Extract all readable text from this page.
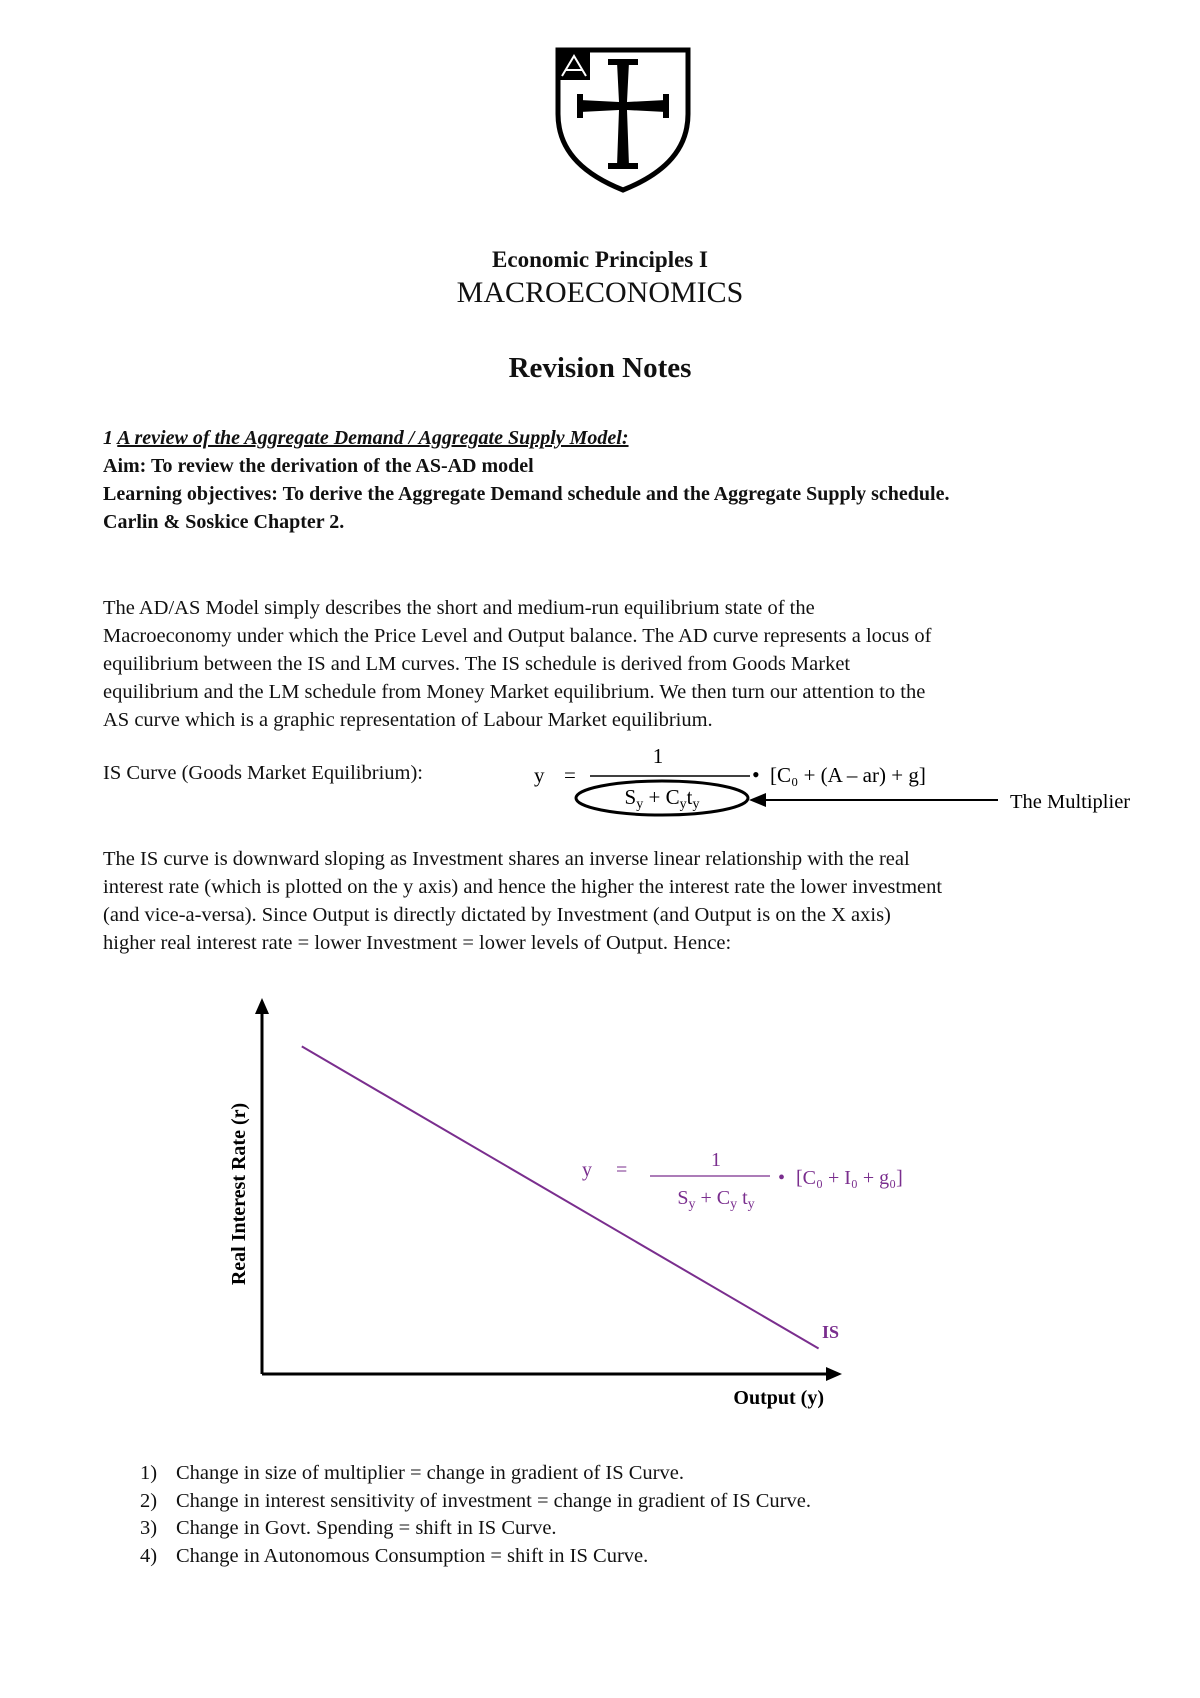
Economic Principles I
MACROECONOMICS
Revision Notes
1 A review of the Aggregate Demand / Aggregate Supply Model:
Aim: To review the derivation of the AS-AD model
Learning objectives: To derive the Aggregate Demand schedule and the Aggregate Supply schedule.
Carlin & Soskice Chapter 2.
The AD/AS Model simply describes the short and medium-run equilibrium state of the
Macroeconomy under which the Price Level and Output balance. The AD curve represents a locus of
equilibrium between the IS and LM curves. The IS schedule is derived from Goods Market
equilibrium and the LM schedule from Money Market equilibrium. We then turn our attention to the
AS curve which is a graphic representation of Labour Market equilibrium.
IS Curve (Goods Market Equilibrium):	y =
1
Sy + Cyty
• [C₀ + (A – ar) + g]
The Multiplier
The IS curve is downward sloping as Investment shares an inverse linear relationship with the real
interest rate (which is plotted on the y axis) and hence the higher the interest rate the lower investment
(and vice-a-versa). Since Output is directly dictated by Investment (and Output is on the X axis)
higher real interest rate = lower Investment = lower levels of Output. Hence:
Real Interest Rate (r)
Output (y)
IS
y =	1
$S_y + C_y$ $t_y$
• [C₀ + I₀ + g₀]
1) Change in size of multiplier = change in gradient of IS Curve.
2) Change in interest sensitivity of investment = change in gradient of IS Curve.
3) Change in Govt. Spending = shift in IS Curve.
4) Change in Autonomous Consumption = shift in IS Curve.
